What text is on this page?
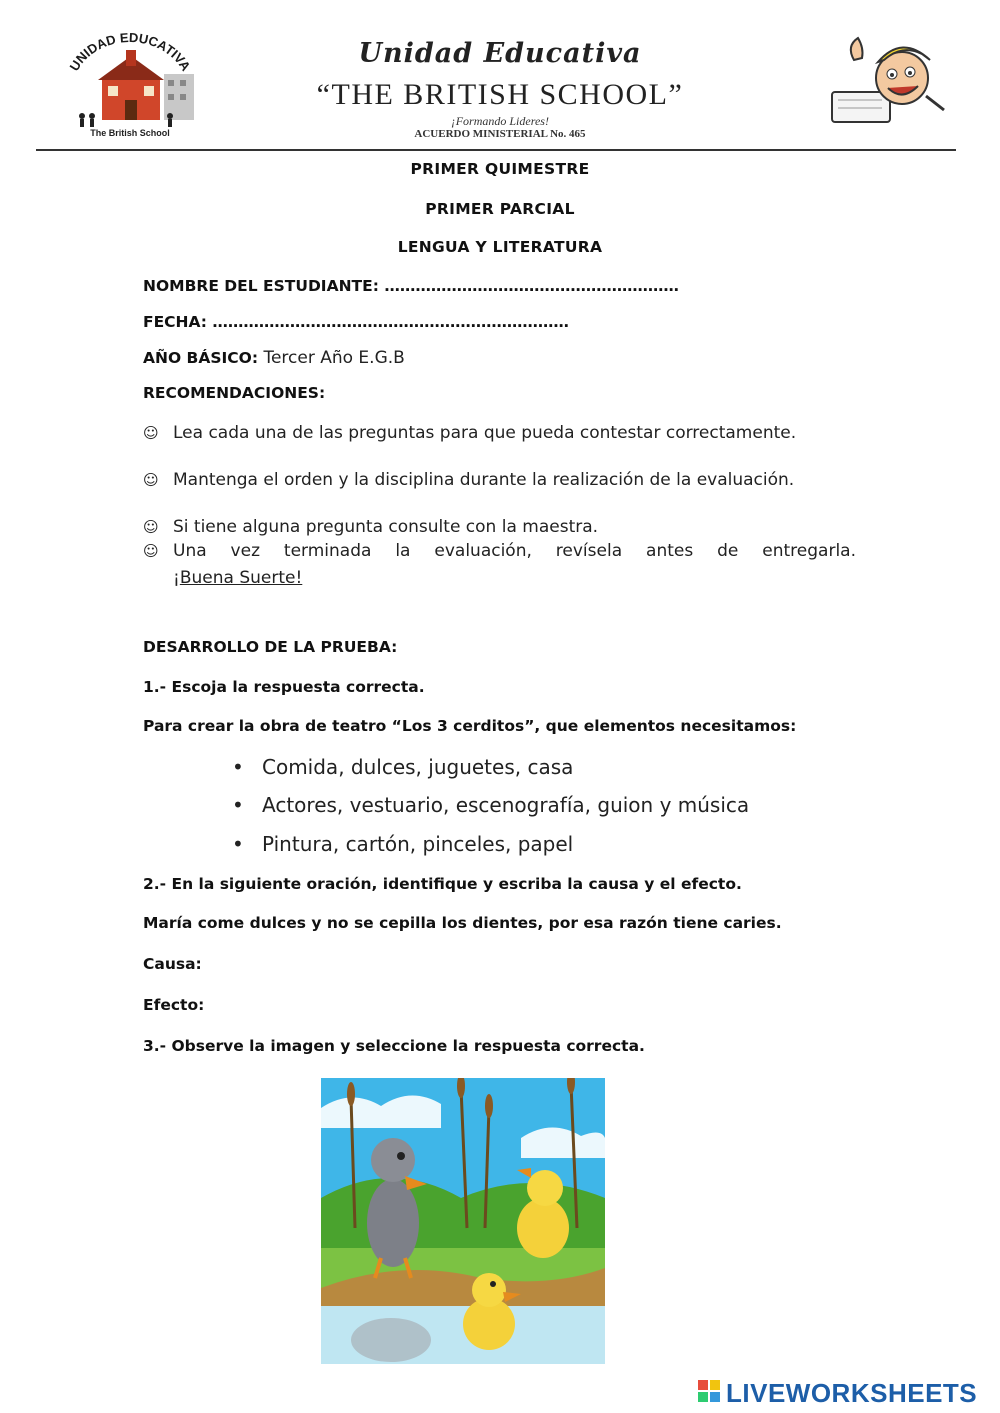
UNIDAD EDUCATIVA
The British School
Unidad Educativa
“THE BRITISH SCHOOL”
¡Formando Lideres!
ACUERDO MINISTERIAL No. 465
PRIMER QUIMESTRE
PRIMER PARCIAL
LENGUA Y LITERATURA
NOMBRE DEL ESTUDIANTE: …………………………………………………
FECHA: ……………………………………………………………
AÑO BÁSICO: Tercer Año E.G.B
RECOMENDACIONES:
☺ Lea cada una de las preguntas para que pueda contestar correctamente.
☺ Mantenga el orden y la disciplina durante la realización de la evaluación.
☺ Si tiene alguna pregunta consulte con la maestra.
☺ Una vez terminada la evaluación, revísela antes de entregarla.
¡Buena Suerte!
DESARROLLO DE LA PRUEBA:
1.- Escoja la respuesta correcta.
Para crear la obra de teatro “Los 3 cerditos”, que elementos necesitamos:
• Comida, dulces, juguetes, casa
• Actores, vestuario, escenografía, guion y música
• Pintura, cartón, pinceles, papel
2.- En la siguiente oración, identifique y escriba la causa y el efecto.
María come dulces y no se cepilla los dientes, por esa razón tiene caries.
Causa:
Efecto:
3.- Observe la imagen y seleccione la respuesta correcta.
LIVEWORKSHEETS
